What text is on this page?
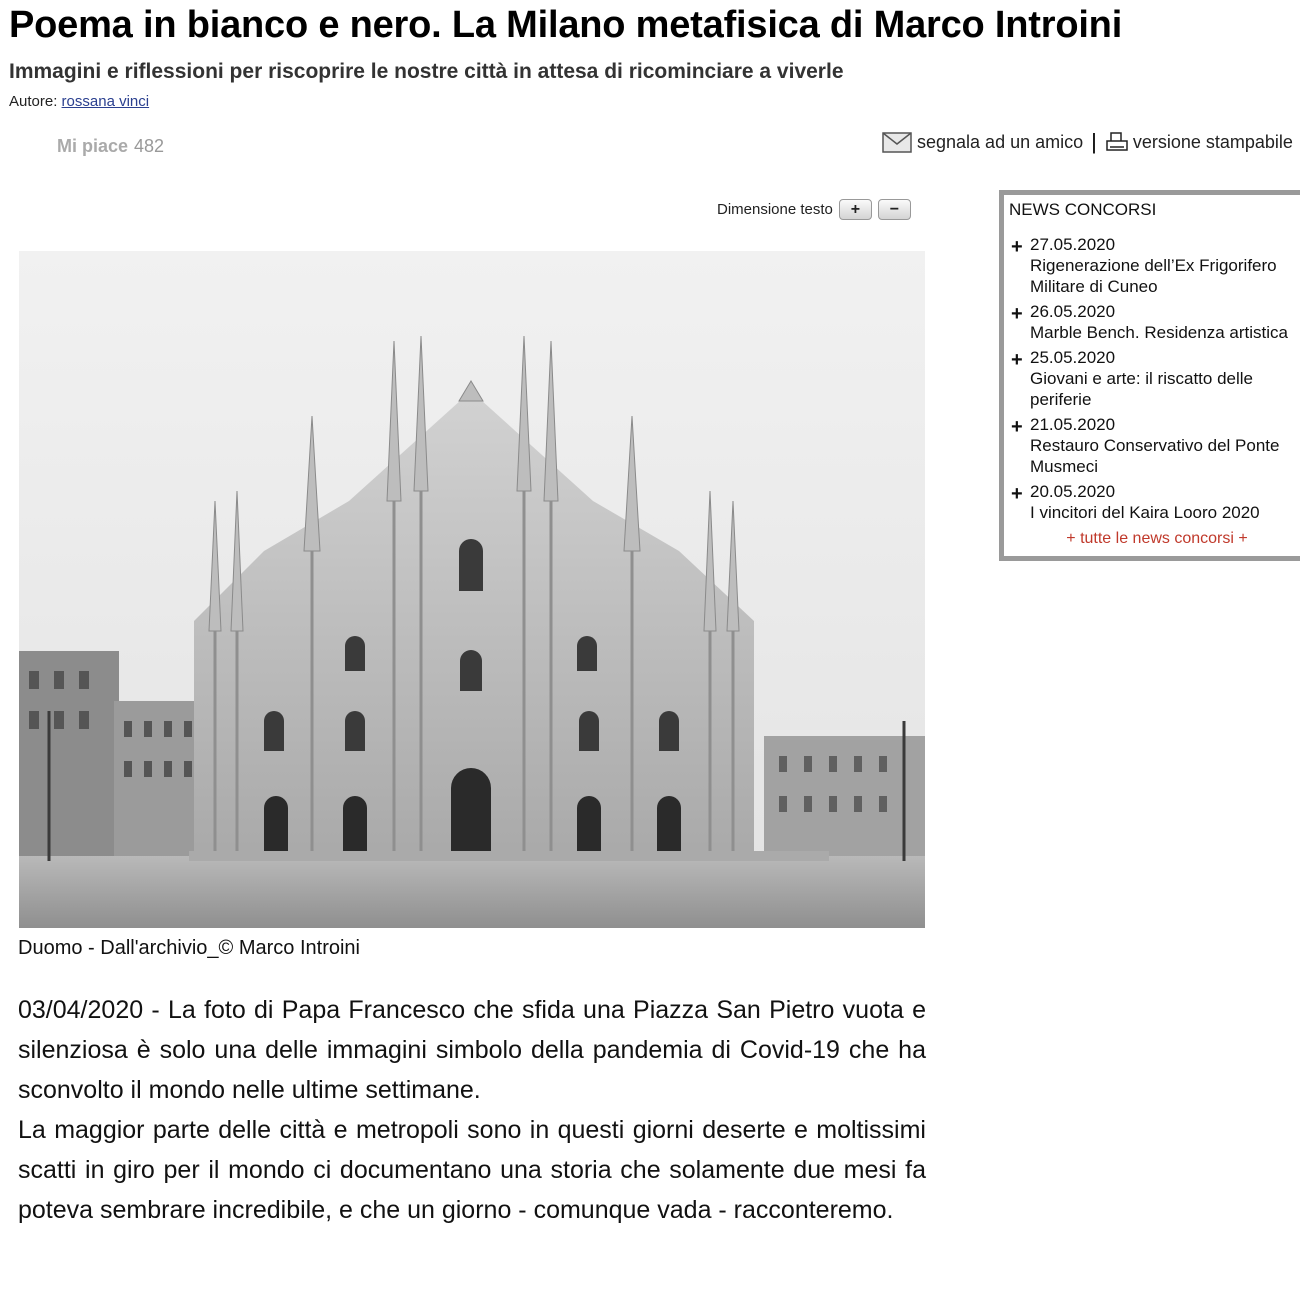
Poema in bianco e nero. La Milano metafisica di Marco Introini
Immagini e riflessioni per riscoprire le nostre città in attesa di ricominciare a viverle
Autore: rossana vinci
Mi piace 482	segnala ad un amico | versione stampabile
Dimensione testo	+	−
Duomo - Dall'archivio_© Marco Introini

03/04/2020 - La foto di Papa Francesco che sfida una Piazza San Pietro vuota e silenziosa è solo una delle immagini simbolo della pandemia di Covid-19 che ha sconvolto il mondo nelle ultime settimane.

La maggior parte delle città e metropoli sono in questi giorni deserte e moltissimi scatti in giro per il mondo ci documentano una storia che solamente due mesi fa poteva sembrare incredibile, e che un giorno - comunque vada - racconteremo.

NEWS CONCORSI
+ 27.05.2020
Rigenerazione dell’Ex Frigorifero Militare di Cuneo
+ 26.05.2020
Marble Bench. Residenza artistica
+ 25.05.2020
Giovani e arte: il riscatto delle periferie
+ 21.05.2020
Restauro Conservativo del Ponte Musmeci
+ 20.05.2020
I vincitori del Kaira Looro 2020
+ tutte le news concorsi +
